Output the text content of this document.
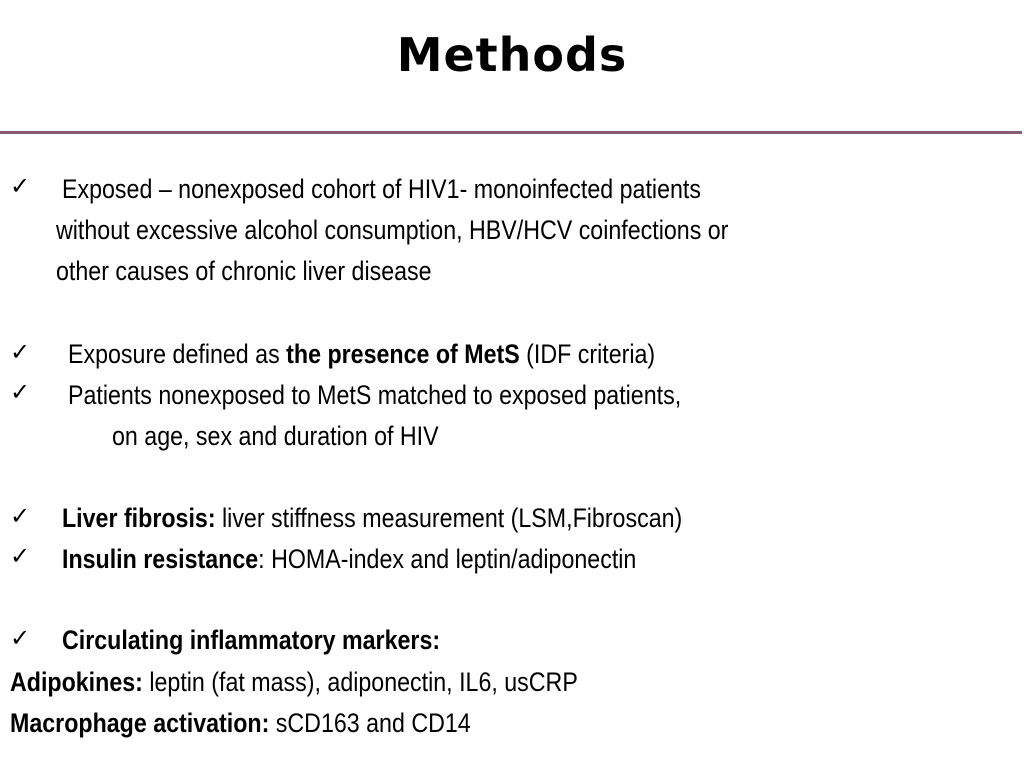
Methods
✓ Exposed – nonexposed cohort of HIV1- monoinfected patients
without excessive alcohol consumption, HBV/HCV coinfections or
other causes of chronic liver disease
✓ Exposure defined as the presence of MetS (IDF criteria)
✓ Patients nonexposed to MetS matched to exposed patients,
on age, sex and duration of HIV
✓ Liver fibrosis: liver stiffness measurement (LSM,Fibroscan)
✓ Insulin resistance: HOMA-index and leptin/adiponectin
✓ Circulating inflammatory markers:
Adipokines: leptin (fat mass), adiponectin, IL6, usCRP
Macrophage activation: sCD163 and CD14
